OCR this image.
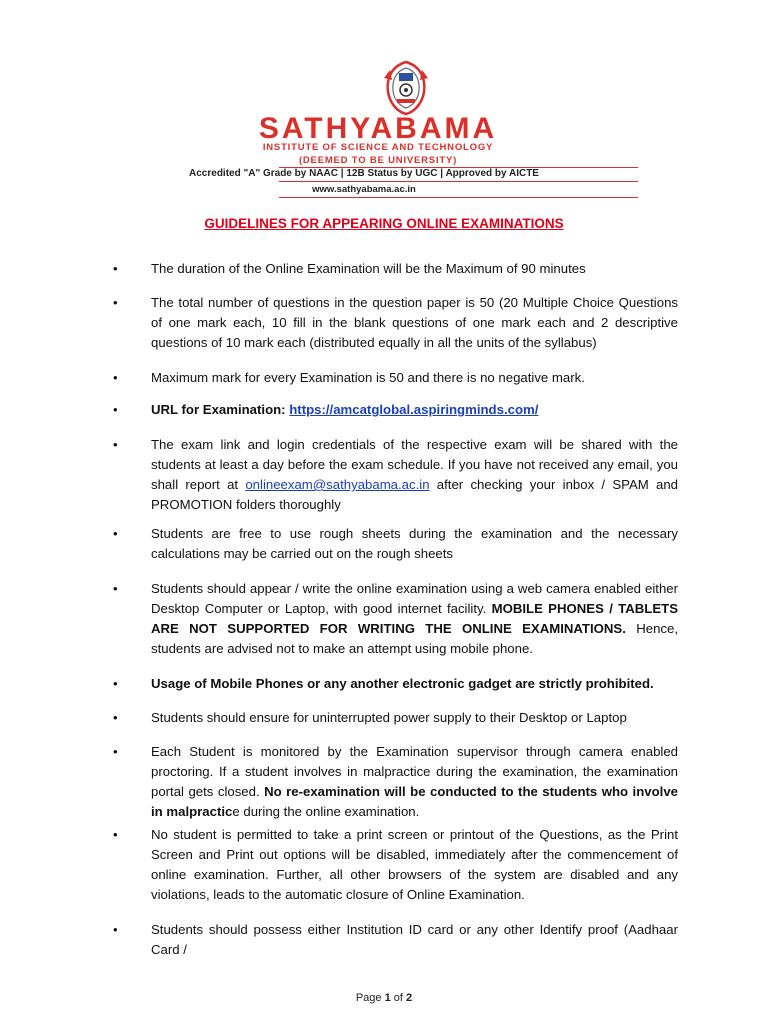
SATHYABAMA
INSTITUTE OF SCIENCE AND TECHNOLOGY
(DEEMED TO BE UNIVERSITY)
Accredited "A" Grade by NAAC | 12B Status by UGC | Approved by AICTE
www.sathyabama.ac.in
GUIDELINES FOR APPEARING ONLINE EXAMINATIONS
•	The duration of the Online Examination will be the Maximum of 90 minutes
•	The total number of questions in the question paper is 50 (20 Multiple Choice Questions of one mark each, 10 fill in the blank questions of one mark each and 2 descriptive questions of 10 mark each (distributed equally in all the units of the syllabus)
•	Maximum mark for every Examination is 50 and there is no negative mark.
•	URL for Examination: https://amcatglobal.aspiringminds.com/
•	The exam link and login credentials of the respective exam will be shared with the students at least a day before the exam schedule. If you have not received any email, you shall report at onlineexam@sathyabama.ac.in after checking your inbox / SPAM and PROMOTION folders thoroughly
•	Students are free to use rough sheets during the examination and the necessary calculations may be carried out on the rough sheets
•	Students should appear / write the online examination using a web camera enabled either Desktop Computer or Laptop, with good internet facility. MOBILE PHONES / TABLETS ARE NOT SUPPORTED FOR WRITING THE ONLINE EXAMINATIONS. Hence, students are advised not to make an attempt using mobile phone.
•	Usage of Mobile Phones or any another electronic gadget are strictly prohibited.
•	Students should ensure for uninterrupted power supply to their Desktop or Laptop
•	Each Student is monitored by the Examination supervisor through camera enabled proctoring. If a student involves in malpractice during the examination, the examination portal gets closed. No re-examination will be conducted to the students who involve in malpractice during the online examination.
•	No student is permitted to take a print screen or printout of the Questions, as the Print Screen and Print out options will be disabled, immediately after the commencement of online examination. Further, all other browsers of the system are disabled and any violations, leads to the automatic closure of Online Examination.
•	Students should possess either Institution ID card or any other Identify proof (Aadhaar Card /
Page 1 of 2
